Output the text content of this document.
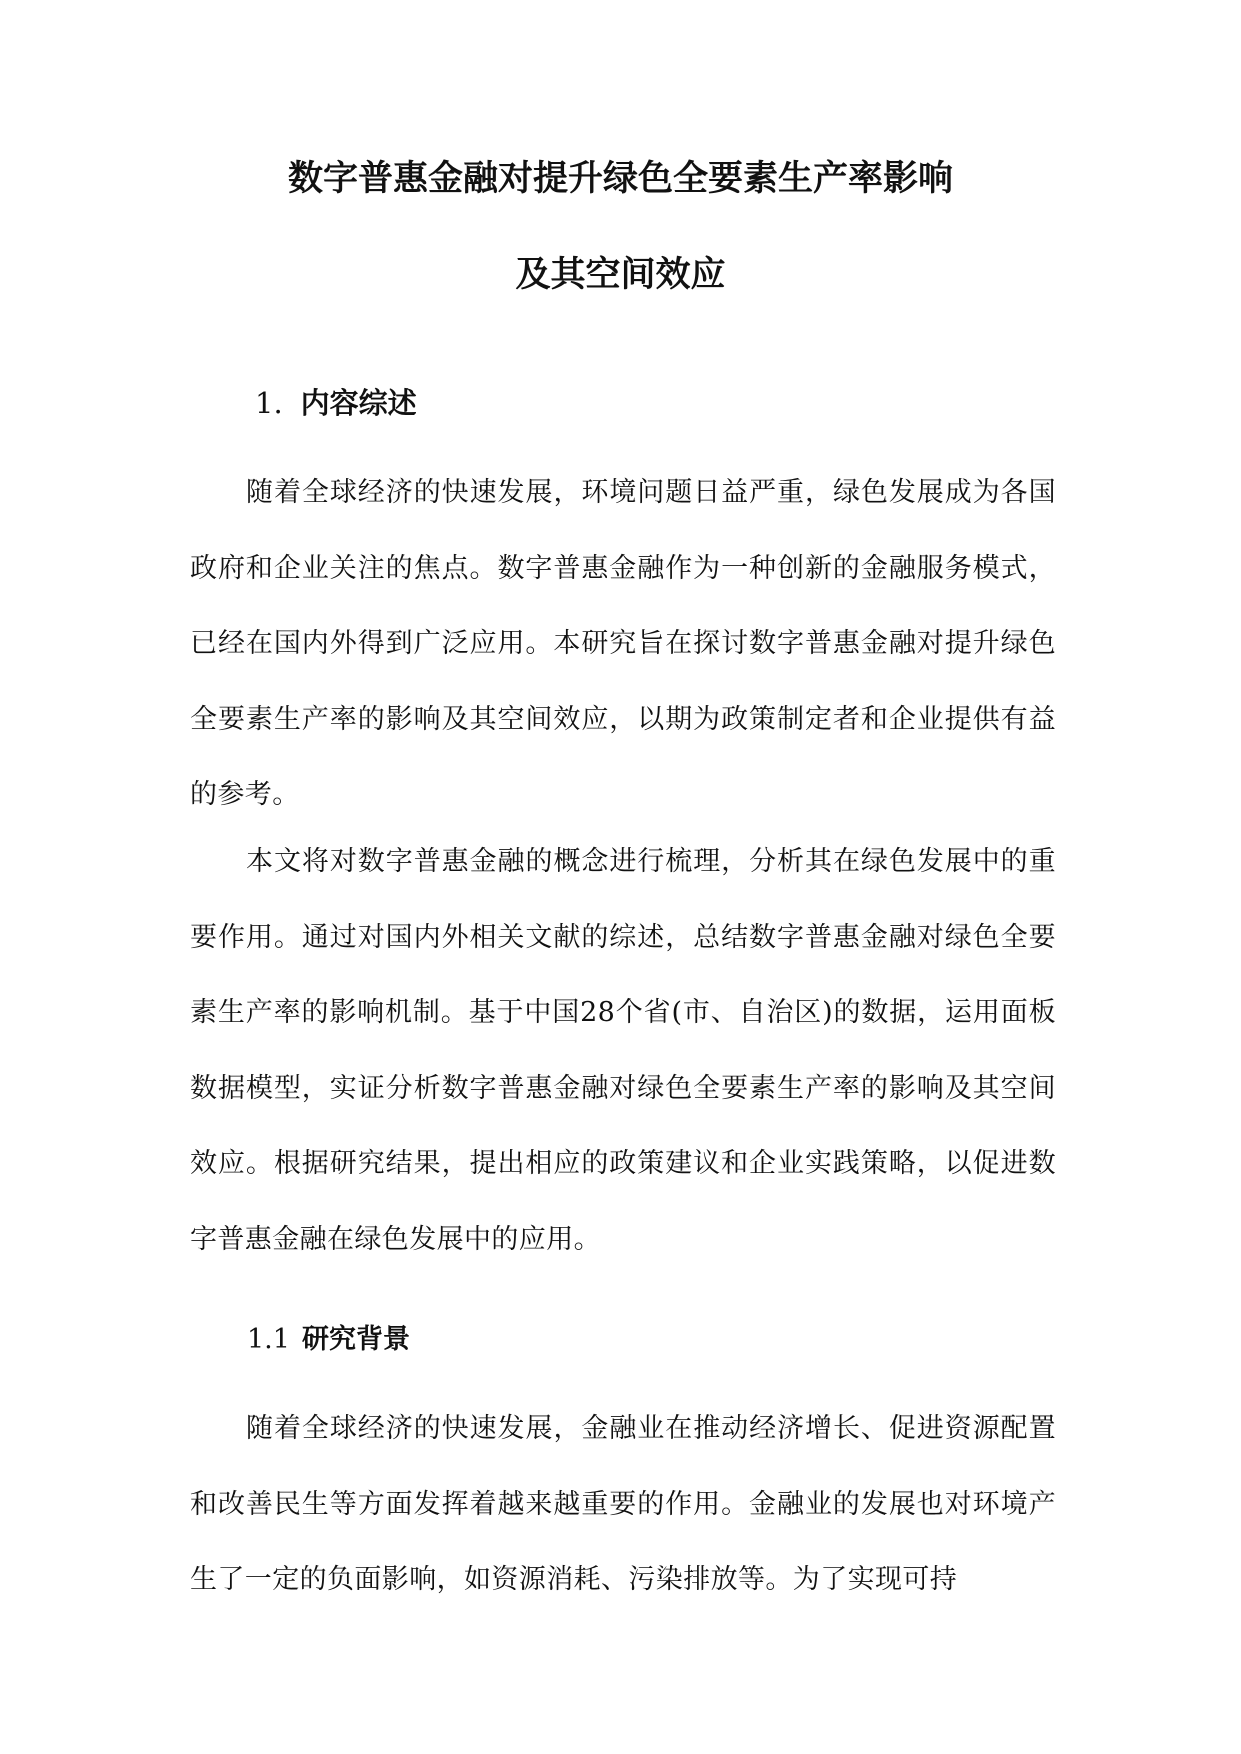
数字普惠金融对提升绿色全要素生产率影响
及其空间效应
1. 内容综述

随着全球经济的快速发展，环境问题日益严重，绿色发展成为各国政府和企业关注的焦点。数字普惠金融作为一种创新的金融服务模式，已经在国内外得到广泛应用。本研究旨在探讨数字普惠金融对提升绿色全要素生产率的影响及其空间效应，以期为政策制定者和企业提供有益的参考。

本文将对数字普惠金融的概念进行梳理，分析其在绿色发展中的重要作用。通过对国内外相关文献的综述，总结数字普惠金融对绿色全要素生产率的影响机制。基于中国28个省(市、自治区)的数据，运用面板数据模型，实证分析数字普惠金融对绿色全要素生产率的影响及其空间效应。根据研究结果，提出相应的政策建议和企业实践策略，以促进数字普惠金融在绿色发展中的应用。

1.1 研究背景

随着全球经济的快速发展，金融业在推动经济增长、促进资源配置和改善民生等方面发挥着越来越重要的作用。金融业的发展也对环境产生了一定的负面影响，如资源消耗、污染排放等。为了实现可持
